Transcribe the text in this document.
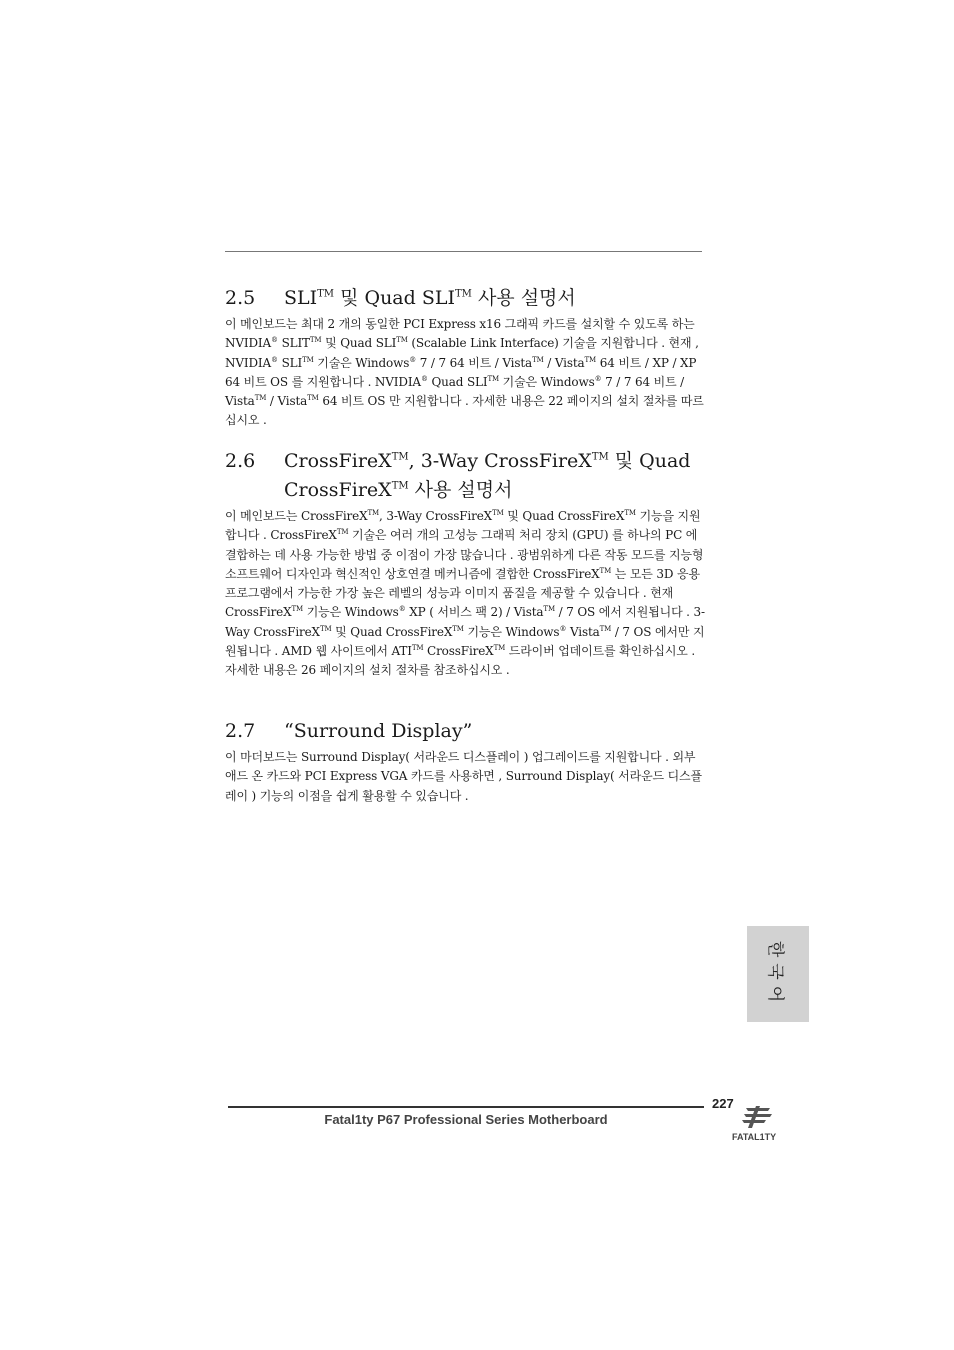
2.5 SLI™ 및 Quad SLI™ 사용 설명서

이 메인보드는 최대 2 개의 동일한 PCI Express x16 그래픽 카드를 설치할 수 있도록 하는 NVIDIA® SLIT™ 및 Quad SLI™ (Scalable Link Interface) 기술을 지원합니다 . 현재 , NVIDIA® SLI™ 기술은 Windows® 7 / 7 64 비트 / Vista™ / Vista™ 64 비트 / XP / XP 64 비트 OS 를 지원합니다 . NVIDIA® Quad SLI™ 기술은 Windows® 7 / 7 64 비트 / Vista™ / Vista™ 64 비트 OS 만 지원합니다 . 자세한 내용은 22 페이지의 설치 절차를 따르십시오 .

2.6 CrossFireX™, 3-Way CrossFireX™ 및 Quad CrossFireX™ 사용 설명서

이 메인보드는 CrossFireX™, 3-Way CrossFireX™ 및 Quad CrossFireX™ 기능을 지원합니다 . CrossFireX™ 기술은 여러 개의 고성능 그래픽 처리 장치 (GPU) 를 하나의 PC 에 결합하는 데 사용 가능한 방법 중 이점이 가장 많습니다 . 광범위하게 다른 작동 모드를 지능형 소프트웨어 디자인과 혁신적인 상호연결 메커니즘에 결합한 CrossFireX™ 는 모든 3D 응용 프로그램에서 가능한 가장 높은 레벨의 성능과 이미지 품질을 제공할 수 있습니다 . 현재 CrossFireX™ 기능은 Windows® XP ( 서비스 팩 2) / Vista™ / 7 OS 에서 지원됩니다 . 3-Way CrossFireX™ 및 Quad CrossFireX™ 기능은 Windows® Vista™ / 7 OS 에서만 지원됩니다 . AMD 웹 사이트에서 ATI™ CrossFireX™ 드라이버 업데이트를 확인하십시오 . 자세한 내용은 26 페이지의 설치 절차를 참조하십시오 .

2.7 “Surround Display”

이 마더보드는 Surround Display( 서라운드 디스플레이 ) 업그레이드를 지원합니다 . 외부 애드 온 카드와 PCI Express VGA 카드를 사용하면 , Surround Display( 서라운드 디스플레이 ) 기능의 이점을 쉽게 활용할 수 있습니다 .

한국어
227
Fatal1ty P67 Professional Series Motherboard
FATAL1TY
